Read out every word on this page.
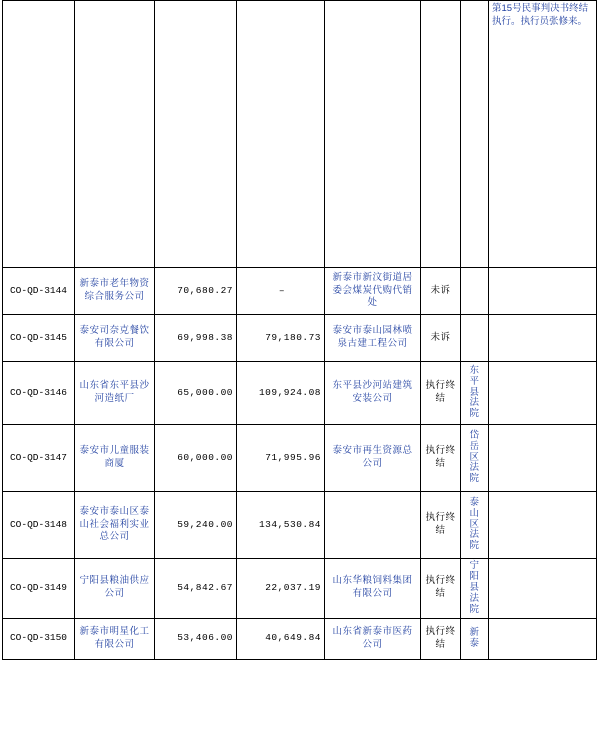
							第15号民事判决书终结执行。执行员张修来。
CO-QD-3144	新泰市老年物资综合服务公司	70,680.27	–	新泰市新汶街道居委会煤炭代购代销处	未诉	

CO-QD-3145	泰安司奈克餐饮有限公司	69,998.38	79,180.73	泰安市泰山园林喷泉古建工程公司	未诉	

CO-QD-3146	山东省东平县沙河造纸厂	65,000.00	109,924.08	东平县沙河站建筑安装公司	执行终结	东平县法院	

CO-QD-3147	泰安市儿童服装商厦	60,000.00	71,995.96	泰安市再生资源总公司	执行终结	岱岳区法院	

CO-QD-3148	泰安市泰山区泰山社会福利实业总公司	59,240.00	134,530.84		执行终结	泰山区法院	

CO-QD-3149	宁阳县粮油供应公司	54,842.67	22,037.19	山东华粮饲料集团有限公司	执行终结	宁阳县法院	

CO-QD-3150	新泰市明星化工有限公司	53,406.00	40,649.84	山东省新泰市医药公司	执行终结	新泰	
